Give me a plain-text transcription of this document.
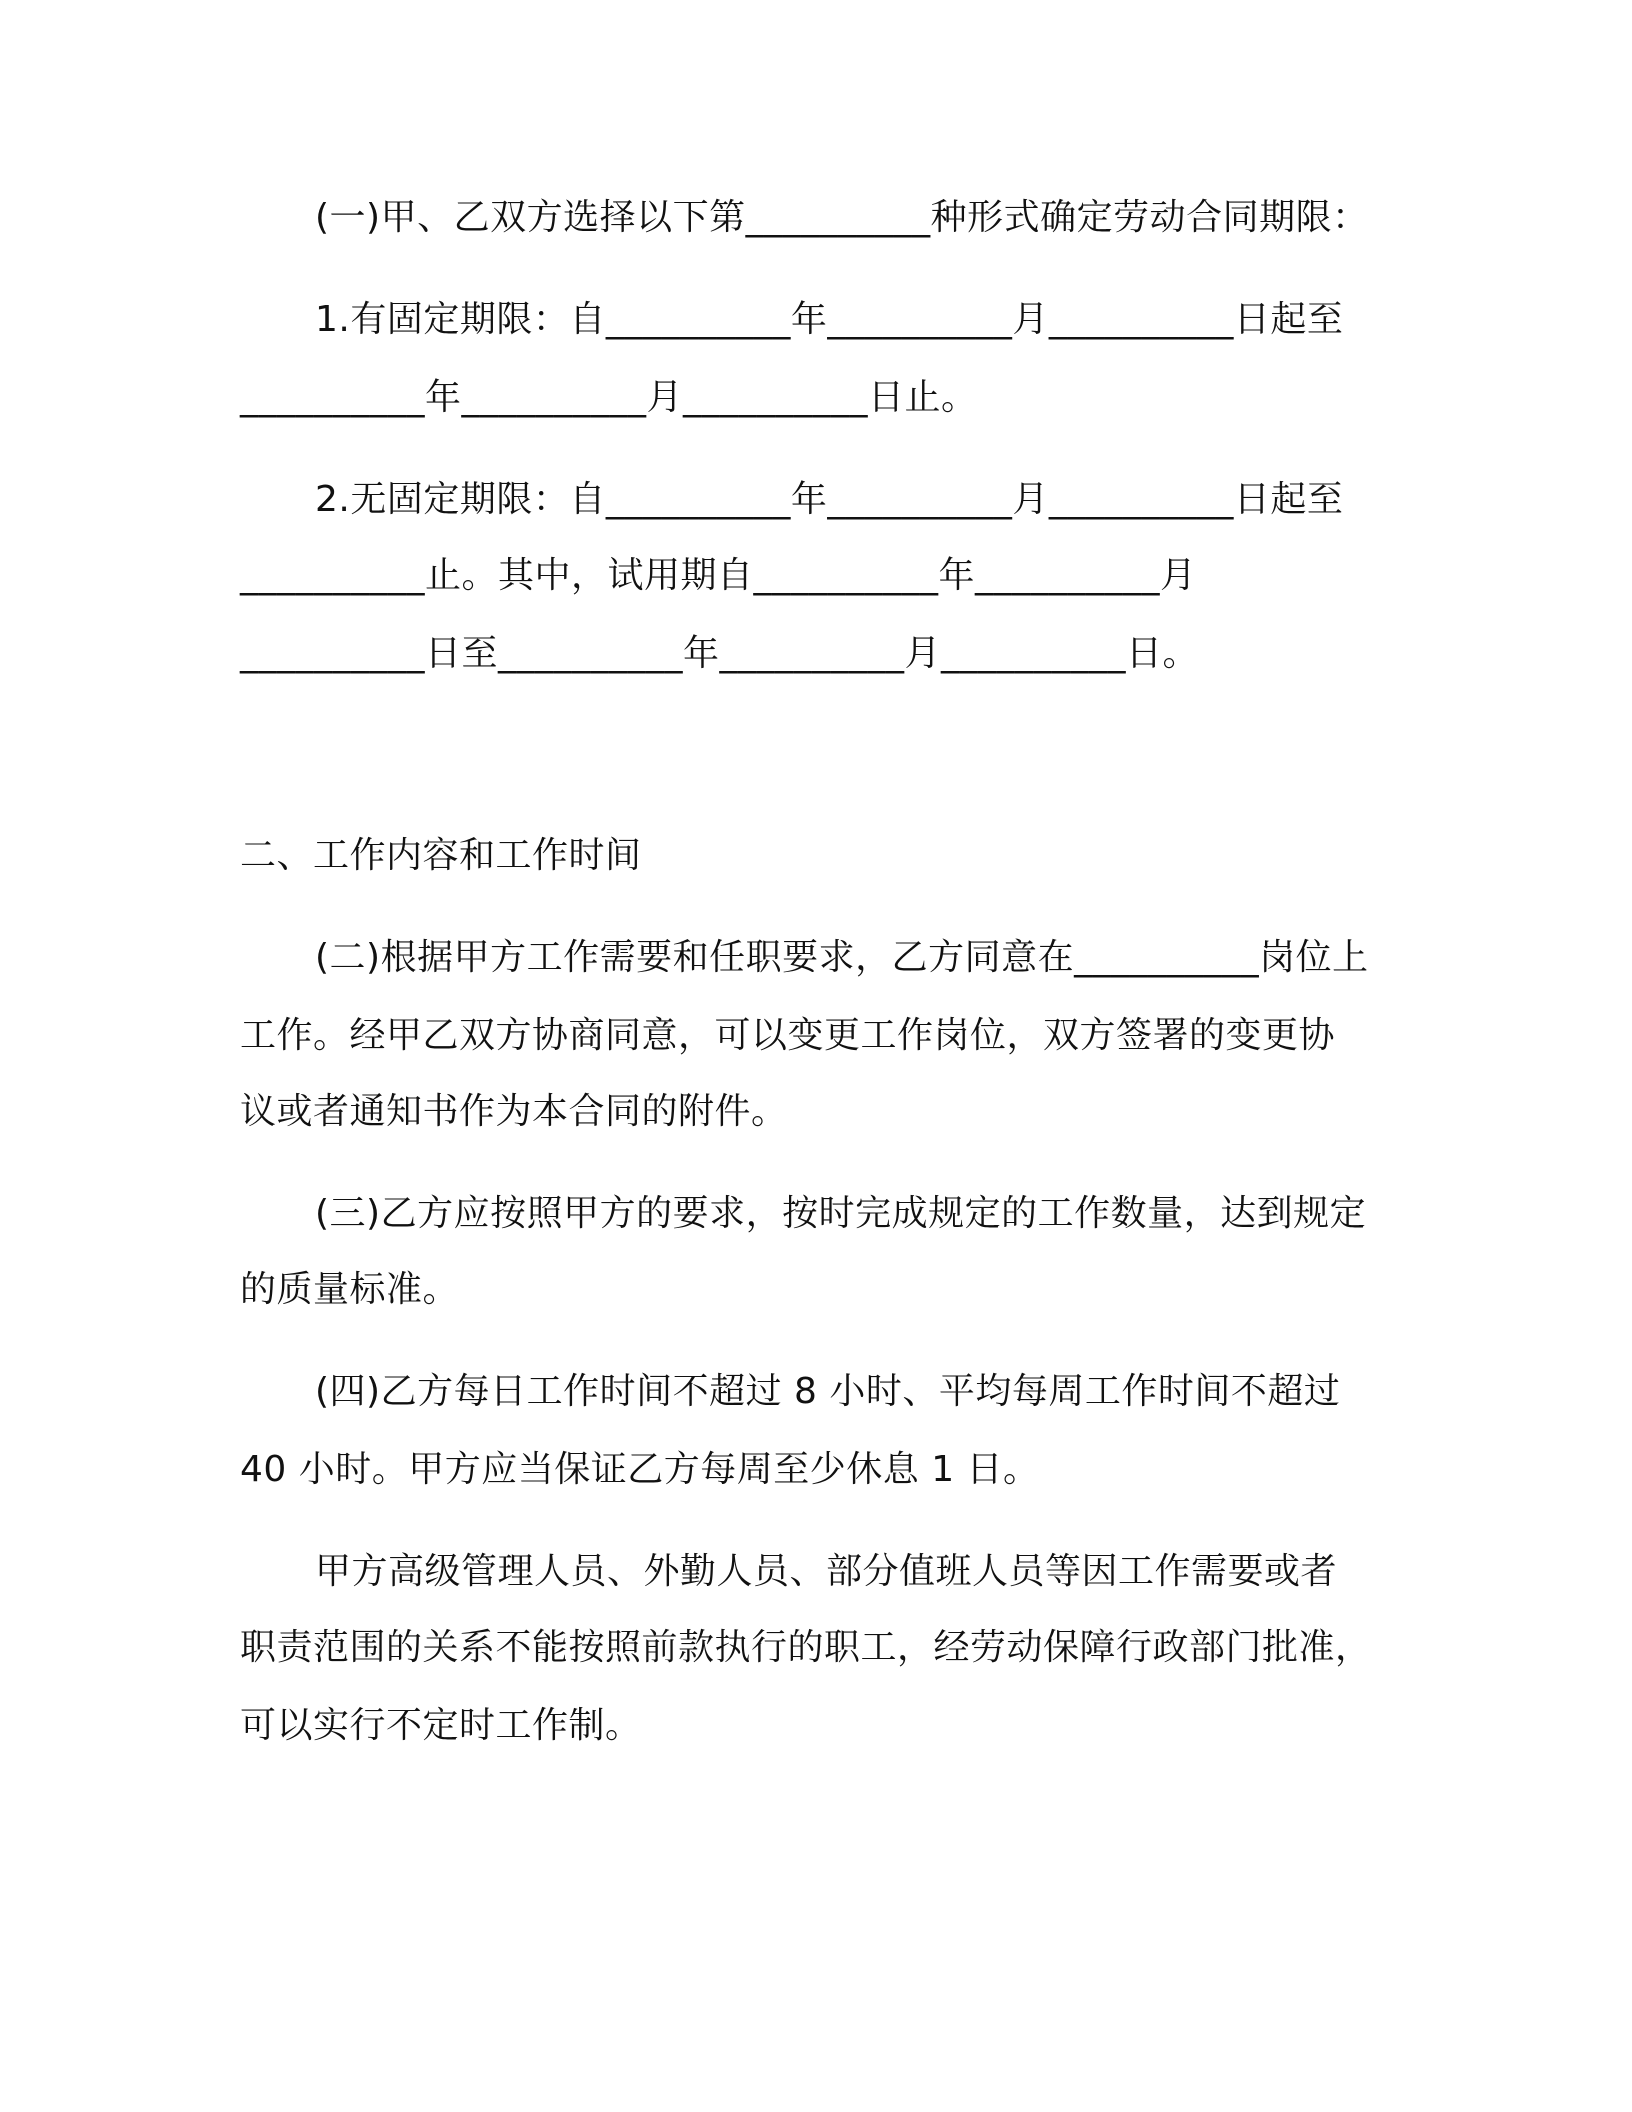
(一)甲、乙双方选择以下第__________种形式确定劳动合同期限：
1.有固定期限：自__________年__________月__________日起至
__________年__________月__________日止。
2.无固定期限：自__________年__________月__________日起至
__________止。其中，试用期自__________年__________月
__________日至__________年__________月__________日。
二、工作内容和工作时间
(二)根据甲方工作需要和任职要求，乙方同意在__________岗位上
工作。经甲乙双方协商同意，可以变更工作岗位，双方签署的变更协
议或者通知书作为本合同的附件。
(三)乙方应按照甲方的要求，按时完成规定的工作数量，达到规定
的质量标准。
(四)乙方每日工作时间不超过 8 小时、平均每周工作时间不超过
40 小时。甲方应当保证乙方每周至少休息 1 日。
甲方高级管理人员、外勤人员、部分值班人员等因工作需要或者
职责范围的关系不能按照前款执行的职工，经劳动保障行政部门批准，
可以实行不定时工作制。
